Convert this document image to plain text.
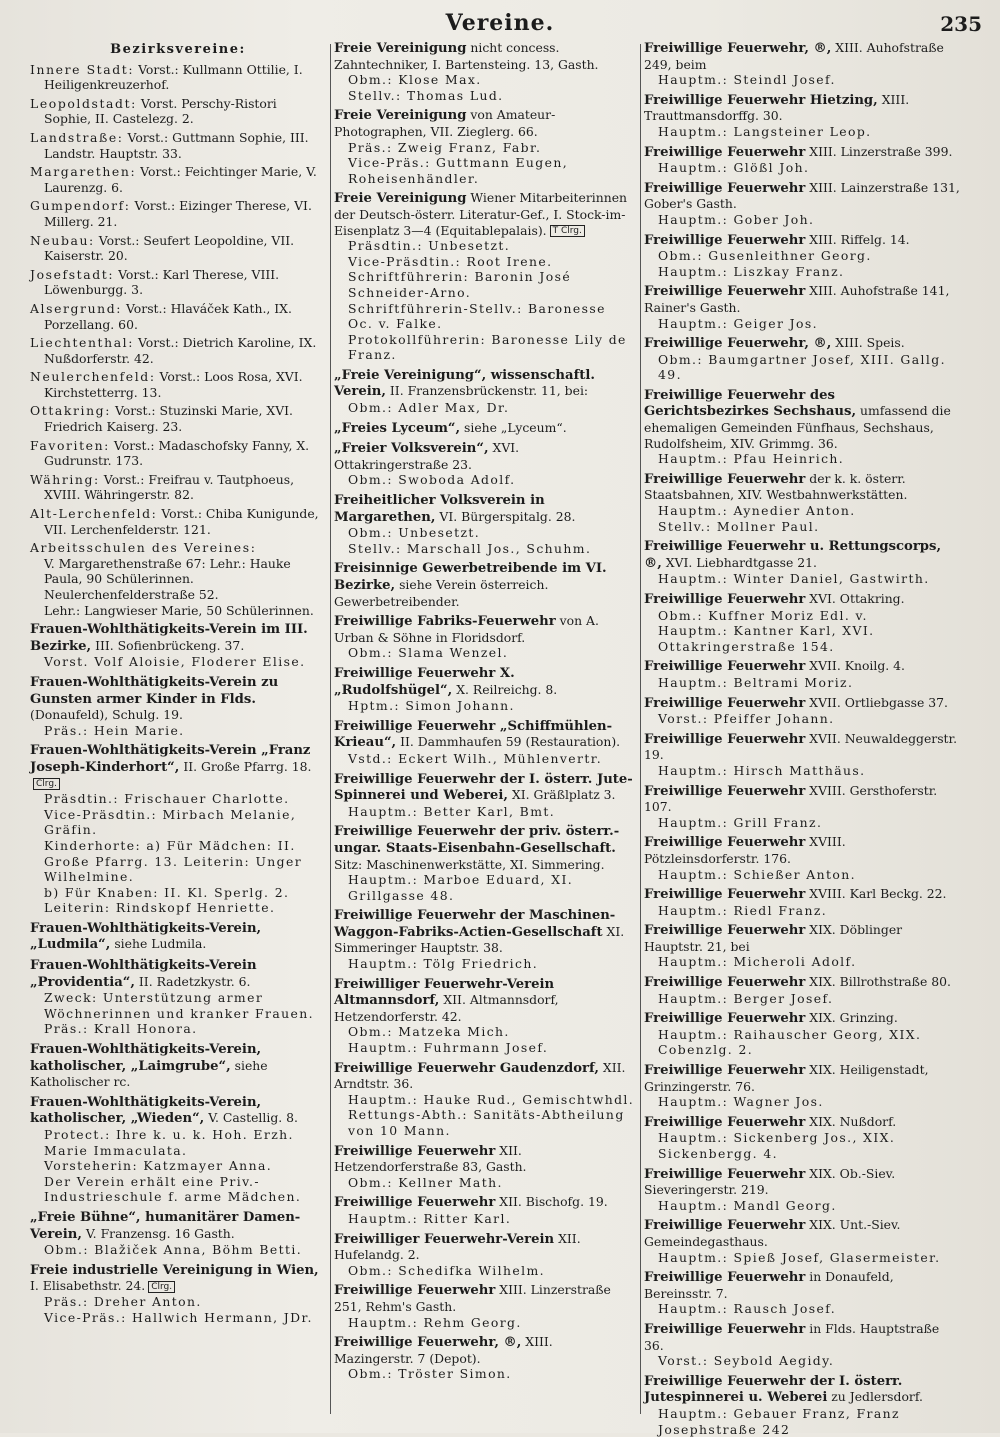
Vereine.	235
Bezirksvereine:
Innere Stadt: Vorst.: Kullmann Ottilie, I. Heiligenkreuzerhof.
Leopoldstadt: Vorst. Perschy-Ristori Sophie, II. Castelezg. 2.
Landstraße: Vorst.: Guttmann Sophie, III. Landstr. Hauptstr. 33.
Margarethen: Vorst.: Feichtinger Marie, V. Laurenzg. 6.
Gumpendorf: Vorst.: Eizinger Therese, VI. Millerg. 21.
Neubau: Vorst.: Seufert Leopoldine, VII. Kaiserstr. 20.
Josefstadt: Vorst.: Karl Therese, VIII. Löwenburgg. 3.
Alsergrund: Vorst.: Hlaváček Kath., IX. Porzellang. 60.
Liechtenthal: Vorst.: Dietrich Karoline, IX. Nußdorferstr. 42.
Neulerchenfeld: Vorst.: Loos Rosa, XVI. Kirchstetterrg. 13.
Ottakring: Vorst.: Stuzinski Marie, XVI. Friedrich Kaiserg. 23.
Favoriten: Vorst.: Madaschofsky Fanny, X. Gudrunstr. 173.
Währing: Vorst.: Freifrau v. Tautphoeus, XVIII. Währingerstr. 82.
Alt-Lerchenfeld: Vorst.: Chiba Kunigunde, VII. Lerchenfelderstr. 121.
Arbeitsschulen des Vereines:
V. Margarethenstraße 67: Lehr.: Hauke Paula, 90 Schülerinnen.
Neulerchenfelderstraße 52.
Lehr.: Langwieser Marie, 50 Schülerinnen.
Frauen-Wohlthätigkeits-Verein im III. Bezirke, III. Sofienbrückeng. 37.
Vorst. Volf Aloisie, Floderer Elise.
Frauen-Wohlthätigkeits-Verein zu Gunsten armer Kinder in Flds. (Donaufeld), Schulg. 19.
Präs.: Hein Marie.
Frauen-Wohlthätigkeits-Verein „Franz Joseph-Kinderhort“, II. Große Pfarrg. 18.Clrg.
Präsdtin.: Frischauer Charlotte.
Vice-Präsdtin.: Mirbach Melanie, Gräfin.
Kinderhorte: a) Für Mädchen: II. Große Pfarrg. 13. Leiterin: Unger Wilhelmine.
b) Für Knaben: II. Kl. Sperlg. 2. Leiterin: Rindskopf Henriette.
Frauen-Wohlthätigkeits-Verein, „Ludmila“, siehe Ludmila.
Frauen-Wohlthätigkeits-Verein „Providentia“, II. Radetzkystr. 6.
Zweck: Unterstützung armer Wöchnerinnen und kranker Frauen.
Präs.: Krall Honora.
Frauen-Wohlthätigkeits-Verein, katholischer, „Laimgrube“, siehe Katholischer rc.
Frauen-Wohlthätigkeits-Verein, katholischer, „Wieden“, V. Castellig. 8.
Protect.: Ihre k. u. k. Hoh. Erzh. Marie Immaculata.
Vorsteherin: Katzmayer Anna.
Der Verein erhält eine Priv.-Industrieschule f. arme Mädchen.
„Freie Bühne“, humanitärer Damen-Verein, V. Franzensg. 16 Gasth.
Obm.: Blažiček Anna, Böhm Betti.
Freie industrielle Vereinigung in Wien, I. Elisabethstr. 24. Clrg.
Präs.: Dreher Anton.
Vice-Präs.: Hallwich Hermann, JDr.
Freie Vereinigung nicht concess. Zahntechniker, I. Bartensteing. 13, Gasth.
Obm.: Klose Max.
Stellv.: Thomas Lud.
Freie Vereinigung von Amateur-Photographen, VII. Zieglerg. 66.
Präs.: Zweig Franz, Fabr.
Vice-Präs.: Guttmann Eugen, Roheisenhändler.
Freie Vereinigung Wiener Mitarbeiterinnen der Deutsch-österr. Literatur-Gef., I. Stock-im-Eisenplatz 3—4 (Equitablepalais). T Clrg.
Präsdtin.: Unbesetzt.
Vice-Präsdtin.: Root Irene.
Schriftführerin: Baronin José Schneider-Arno.
Schriftführerin-Stellv.: Baronesse Oc. v. Falke.
Protokollführerin: Baronesse Lily de Franz.
„Freie Vereinigung“, wissenschaftl. Verein, II. Franzensbrückenstr. 11, bei:
Obm.: Adler Max, Dr.
„Freies Lyceum“, siehe „Lyceum“.
„Freier Volksverein“, XVI. Ottakringerstraße 23.
Obm.: Swoboda Adolf.
Freiheitlicher Volksverein in Margarethen, VI. Bürgerspitalg. 28.
Obm.: Unbesetzt.
Stellv.: Marschall Jos., Schuhm.
Freisinnige Gewerbetreibende im VI. Bezirke, siehe Verein österreich. Gewerbetreibender.
Freiwillige Fabriks-Feuerwehr von A. Urban & Söhne in Floridsdorf.
Obm.: Slama Wenzel.
Freiwillige Feuerwehr X. „Rudolfshügel“, X. Reilreichg. 8.
Hptm.: Simon Johann.
Freiwillige Feuerwehr „Schiffmühlen-Krieau“, II. Dammhaufen 59 (Restauration).
Vstd.: Eckert Wilh., Mühlenvertr.
Freiwillige Feuerwehr der I. österr. Jute-Spinnerei und Weberei, XI. Gräßlplatz 3.
Hauptm.: Better Karl, Bmt.
Freiwillige Feuerwehr der priv. österr.-ungar. Staats-Eisenbahn-Gesellschaft. Sitz: Maschinenwerkstätte, XI. Simmering.
Hauptm.: Marboe Eduard, XI. Grillgasse 48.
Freiwillige Feuerwehr der Maschinen-Waggon-Fabriks-Actien-Gesellschaft XI. Simmeringer Hauptstr. 38.
Hauptm.: Tölg Friedrich.
Freiwilliger Feuerwehr-Verein Altmannsdorf, XII. Altmannsdorf, Hetzendorferstr. 42.
Obm.: Matzeka Mich.
Hauptm.: Fuhrmann Josef.
Freiwillige Feuerwehr Gaudenzdorf, XII. Arndtstr. 36.
Hauptm.: Hauke Rud., Gemischtwhdl.
Rettungs-Abth.: Sanitäts-Abtheilung von 10 Mann.
Freiwillige Feuerwehr XII. Hetzendorferstraße 83, Gasth.
Obm.: Kellner Math.
Freiwillige Feuerwehr XII. Bischofg. 19.
Hauptm.: Ritter Karl.
Freiwilliger Feuerwehr-Verein XII. Hufelandg. 2.
Obm.: Schedifka Wilhelm.
Freiwillige Feuerwehr XIII. Linzerstraße 251, Rehm's Gasth.
Hauptm.: Rehm Georg.
Freiwillige Feuerwehr, ®, XIII. Mazingerstr. 7 (Depot).
Obm.: Tröster Simon.
Freiwillige Feuerwehr, ®, XIII. Auhofstraße 249, beim
Hauptm.: Steindl Josef.
Freiwillige Feuerwehr Hietzing, XIII. Trauttmansdorffg. 30.
Hauptm.: Langsteiner Leop.
Freiwillige Feuerwehr XIII. Linzerstraße 399.
Hauptm.: Glößl Joh.
Freiwillige Feuerwehr XIII. Lainzerstraße 131, Gober's Gasth.
Hauptm.: Gober Joh.
Freiwillige Feuerwehr XIII. Riffelg. 14.
Obm.: Gusenleithner Georg.
Hauptm.: Liszkay Franz.
Freiwillige Feuerwehr XIII. Auhofstraße 141, Rainer's Gasth.
Hauptm.: Geiger Jos.
Freiwillige Feuerwehr, ®, XIII. Speis.
Obm.: Baumgartner Josef, XIII. Gallg. 49.
Freiwillige Feuerwehr des Gerichtsbezirkes Sechshaus, umfassend die ehemaligen Gemeinden Fünfhaus, Sechshaus, Rudolfsheim, XIV. Grimmg. 36.
Hauptm.: Pfau Heinrich.
Freiwillige Feuerwehr der k. k. österr. Staatsbahnen, XIV. Westbahnwerkstätten.
Hauptm.: Aynedier Anton.
Stellv.: Mollner Paul.
Freiwillige Feuerwehr u. Rettungscorps, ®, XVI. Liebhardtgasse 21.
Hauptm.: Winter Daniel, Gastwirth.
Freiwillige Feuerwehr XVI. Ottakring.
Obm.: Kuffner Moriz Edl. v.
Hauptm.: Kantner Karl, XVI. Ottakringerstraße 154.
Freiwillige Feuerwehr XVII. Knoilg. 4.
Hauptm.: Beltrami Moriz.
Freiwillige Feuerwehr XVII. Ortliebgasse 37.
Vorst.: Pfeiffer Johann.
Freiwillige Feuerwehr XVII. Neuwaldeggerstr. 19.
Hauptm.: Hirsch Matthäus.
Freiwillige Feuerwehr XVIII. Gersthoferstr. 107.
Hauptm.: Grill Franz.
Freiwillige Feuerwehr XVIII. Pötzleinsdorferstr. 176.
Hauptm.: Schießer Anton.
Freiwillige Feuerwehr XVIII. Karl Beckg. 22.
Hauptm.: Riedl Franz.
Freiwillige Feuerwehr XIX. Döblinger Hauptstr. 21, bei
Hauptm.: Micheroli Adolf.
Freiwillige Feuerwehr XIX. Billrothstraße 80.
Hauptm.: Berger Josef.
Freiwillige Feuerwehr XIX. Grinzing.
Hauptm.: Raihauscher Georg, XIX. Cobenzlg. 2.
Freiwillige Feuerwehr XIX. Heiligenstadt, Grinzingerstr. 76.
Hauptm.: Wagner Jos.
Freiwillige Feuerwehr XIX. Nußdorf.
Hauptm.: Sickenberg Jos., XIX. Sickenbergg. 4.
Freiwillige Feuerwehr XIX. Ob.-Siev. Sieveringerstr. 219.
Hauptm.: Mandl Georg.
Freiwillige Feuerwehr XIX. Unt.-Siev. Gemeindegasthaus.
Hauptm.: Spieß Josef, Glasermeister.
Freiwillige Feuerwehr in Donaufeld, Bereinsstr. 7.
Hauptm.: Rausch Josef.
Freiwillige Feuerwehr in Flds. Hauptstraße 36.
Vorst.: Seybold Aegidy.
Freiwillige Feuerwehr der I. österr. Jutespinnerei u. Weberei zu Jedlersdorf.
Hauptm.: Gebauer Franz, Franz Josephstraße 242
